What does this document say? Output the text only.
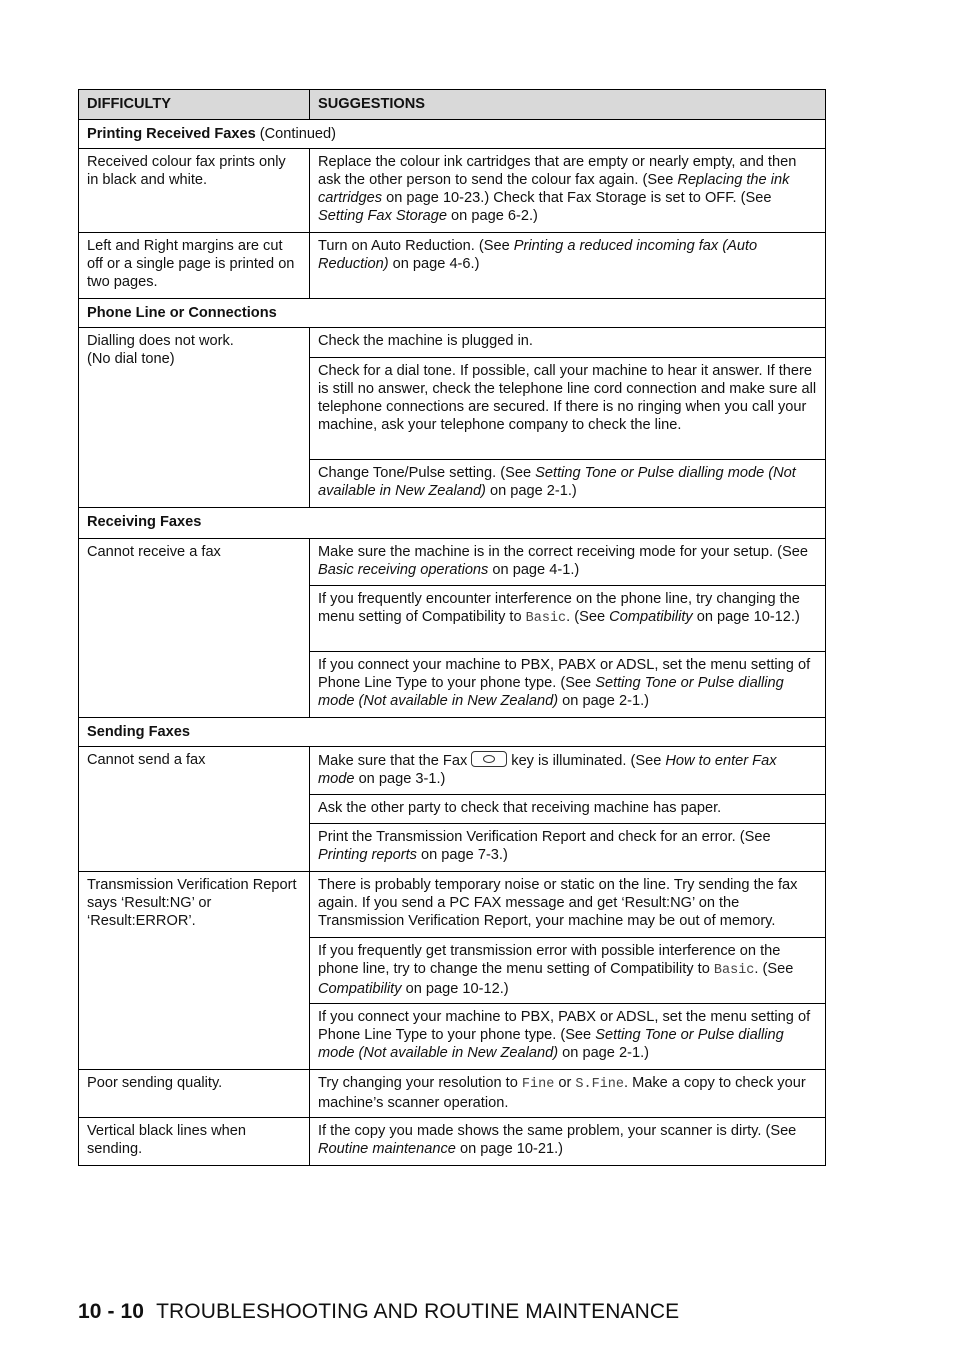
DIFFICULTY	SUGGESTIONS
Printing Received Faxes (Continued)	
Received colour fax prints only in black and white.	Replace the colour ink cartridges that are empty or nearly empty, and then ask the other person to send the colour fax again. (See Replacing the ink cartridges on page 10-23.) Check that Fax Storage is set to OFF. (See Setting Fax Storage on page 6-2.)
Left and Right margins are cut off or a single page is printed on two pages.	Turn on Auto Reduction. (See Printing a reduced incoming fax (Auto Reduction) on page 4-6.)
Phone Line or Connections	

Dialling does not work.
(No dial tone)	Check the machine is plugged in.
	Check for a dial tone. If possible, call your machine to hear it answer. If there is still no answer, check the telephone line cord connection and make sure all telephone connections are secured. If there is no ringing when you call your machine, ask your telephone company to check the line.
	Change Tone/Pulse setting. (See Setting Tone or Pulse dialling mode (Not available in New Zealand) on page 2-1.)
Receiving Faxes	
Cannot receive a fax	Make sure the machine is in the correct receiving mode for your setup. (See Basic receiving operations on page 4-1.)
	If you frequently encounter interference on the phone line, try changing the menu setting of Compatibility to Basic. (See Compatibility on page 10-12.)
	If you connect your machine to PBX, PABX or ADSL, set the menu setting of Phone Line Type to your phone type. (See Setting Tone or Pulse dialling mode (Not available in New Zealand) on page 2-1.)
Sending Faxes	
Cannot send a fax	Make sure that the Fax key is illuminated. (See How to enter Fax mode on page 3-1.)
	Ask the other party to check that receiving machine has paper.
	Print the Transmission Verification Report and check for an error. (See Printing reports on page 7-3.)
Transmission Verification Report says ‘Result:NG’ or ‘Result:ERROR’.	There is probably temporary noise or static on the line. Try sending the fax again. If you send a PC FAX message and get ‘Result:NG’ on the Transmission Verification Report, your machine may be out of memory.
	If you frequently get transmission error with possible interference on the phone line, try to change the menu setting of Compatibility to Basic. (See Compatibility on page 10-12.)
	If you connect your machine to PBX, PABX or ADSL, set the menu setting of Phone Line Type to your phone type. (See Setting Tone or Pulse dialling mode (Not available in New Zealand) on page 2-1.)
Poor sending quality.	Try changing your resolution to Fine or S.Fine. Make a copy to check your machine’s scanner operation.
Vertical black lines when sending.	If the copy you made shows the same problem, your scanner is dirty. (See Routine maintenance on page 10-21.)
10 - 10 TROUBLESHOOTING AND ROUTINE MAINTENANCE
